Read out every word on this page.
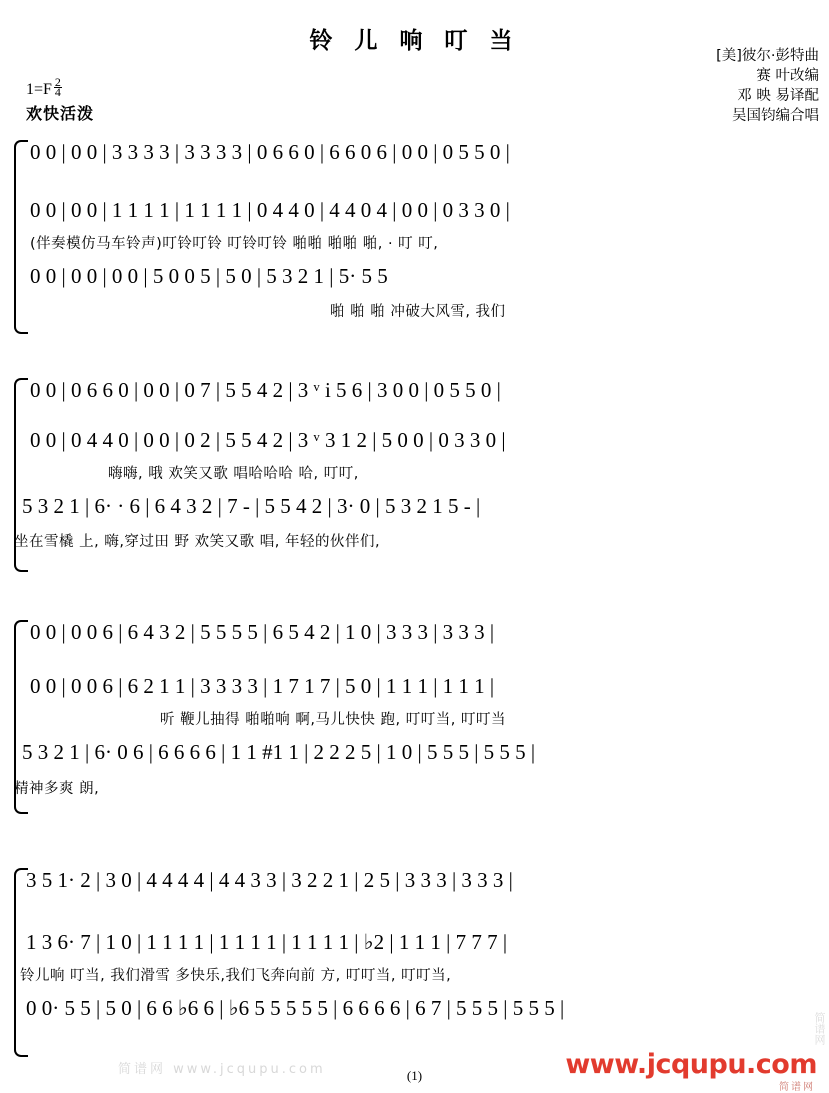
铃 儿 响 叮 当
[美]彼尔·彭特曲
赛 叶改编
邓 映 易译配
吴国钧编合唱
$1=F \frac{2}{4}$
欢快活泼
0 0 | 0 0 | 3 3 3 3 | 3 3 3 3 | 0 6 6 0 | 6 6 0 6 | 0 0 | 0 5 5 0 |
0 0 | 0 0 | 1 1 1 1 | 1 1 1 1 | 0 4 4 0 | 4 4 0 4 | 0 0 | 0 3 3 0 |
(伴奏模仿马车铃声)叮铃叮铃 叮铃叮铃 啪啪 啪啪 啪, · 叮 叮,
0 0 | 0 0 | 0 0 | 5 0 0 5 | 5 0 | 5 3 2 1 | 5· 5 5
啪 啪 啪 冲破大风雪, 我们
0 0 | 0 6 6 0 | 0 0 | 0 7 | 5 5 4 2 | 3 ᵛ i 5 6 | 3 0 0 | 0 5 5 0 |
0 0 | 0 4 4 0 | 0 0 | 0 2 | 5 5 4 2 | 3 ᵛ 3 1 2 | 5 0 0 | 0 3 3 0 |
嗨嗨, 哦 欢笑又歌 唱哈哈哈 哈, 叮叮,
5 3 2 1 | 6· · 6 | 6 4 3 2 | 7 - | 5 5 4 2 | 3· 0 | 5 3 2 1 5 - |
坐在雪橇 上, 嗨,穿过田 野 欢笑又歌 唱, 年轻的伙伴们,
0 0 | 0 0 6 | 6 4 3 2 | 5 5 5 5 | 6 5 4 2 | 1 0 | 3 3 3 | 3 3 3 |
0 0 | 0 0 6 | 6 2 1 1 | 3 3 3 3 | 1 7 1 7 | 5 0 | 1 1 1 | 1 1 1 |
听 鞭儿抽得 啪啪响 啊,马儿快快 跑, 叮叮当, 叮叮当
5 3 2 1 | 6· 0 6 | 6 6 6 6 | 1 1 #1 1 | 2 2 2 5 | 1 0 | 5 5 5 | 5 5 5 |
精神多爽 朗,
3 5 1· 2 | 3 0 | 4 4 4 4 | 4 4 3 3 | 3 2 2 1 | 2 5 | 3 3 3 | 3 3 3 |
1 3 6· 7 | 1 0 | 1 1 1 1 | 1 1 1 1 | 1 1 1 1 | ♭2 | 1 1 1 | 7 7 7 |
铃儿响 叮当, 我们滑雪 多快乐,我们飞奔向前 方, 叮叮当, 叮叮当,
0 0· 5 5 | 5 0 | 6 6 ♭6 6 | ♭6 5 5 5 5 5 | 6 6 6 6 | 6 7 | 5 5 5 | 5 5 5 |
简谱网 www.jcqupu.com	(1)	www.jcqupu.com
简谱网
简谱网
